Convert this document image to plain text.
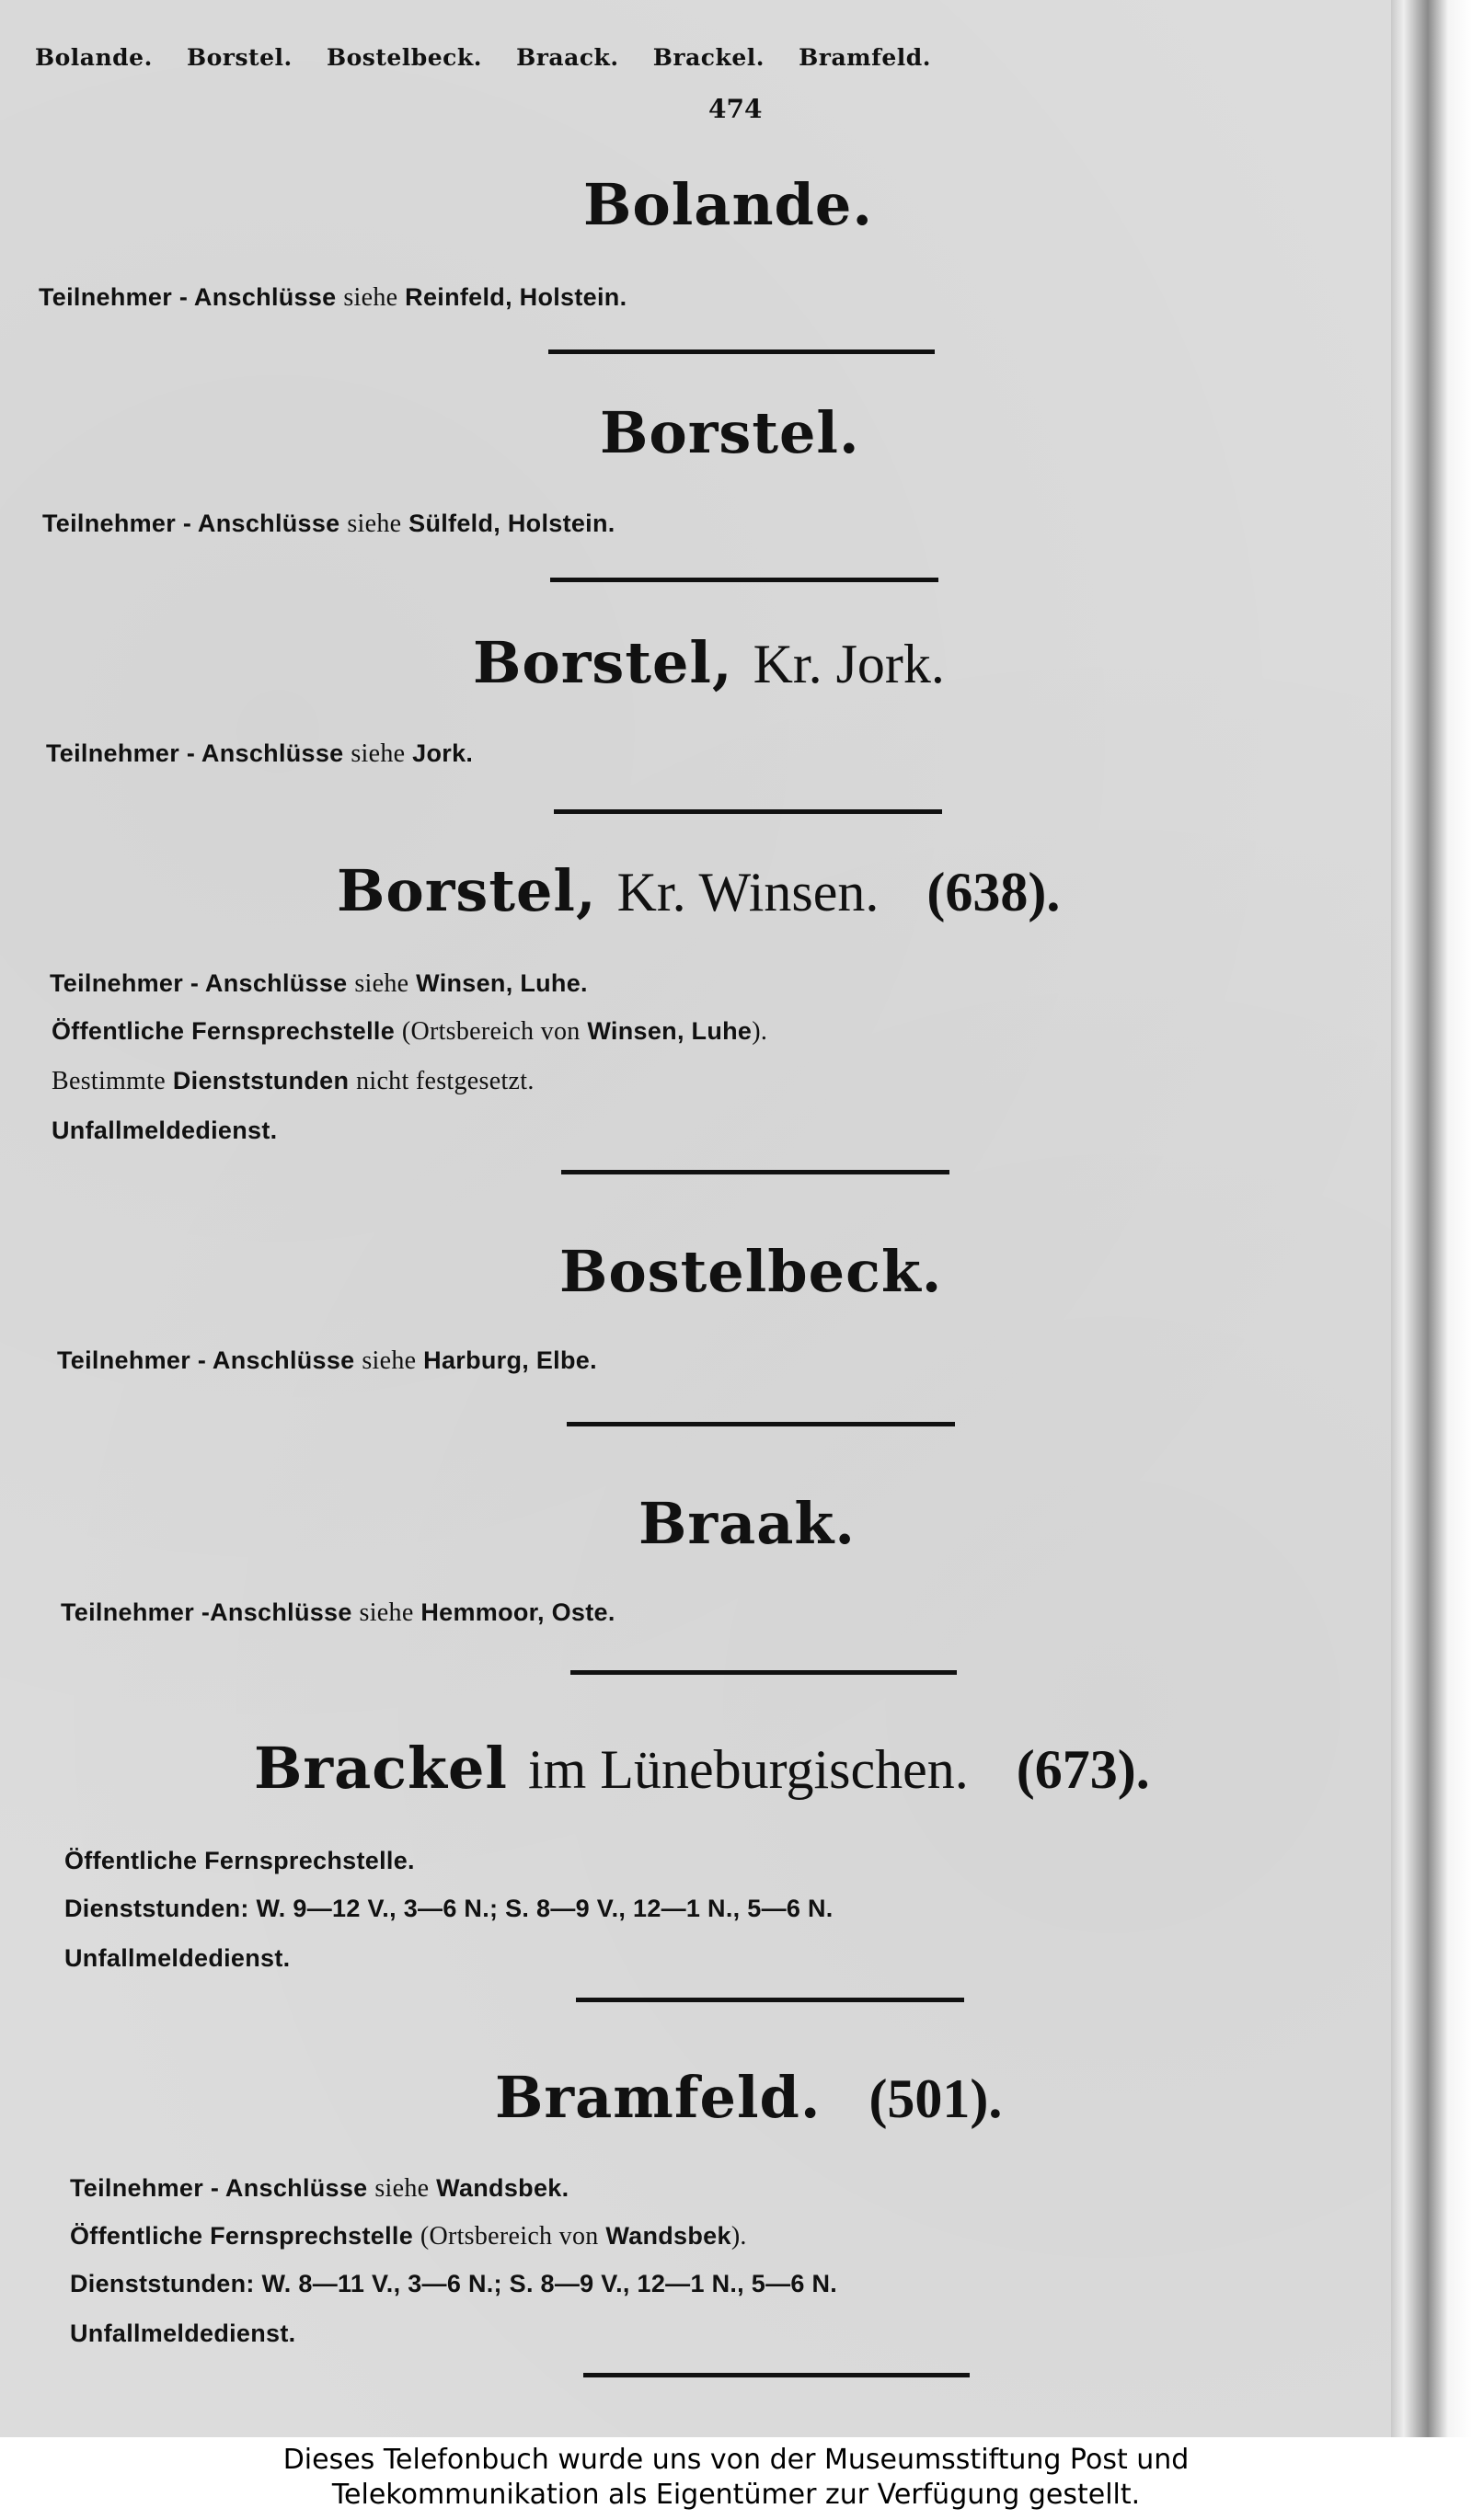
Bolande. Borstel. Bostelbeck. Braack. Brackel. Bramfeld.
474
Bolande.
Teilnehmer - Anschlüsse siehe Reinfeld, Holstein.
Borstel.
Teilnehmer - Anschlüsse siehe Sülfeld, Holstein.
Borstel, Kr. Jork.
Teilnehmer - Anschlüsse siehe Jork.
Borstel, Kr. Winsen. (638).
Teilnehmer - Anschlüsse siehe Winsen, Luhe.
Öffentliche Fernsprechstelle (Ortsbereich von Winsen, Luhe).
Bestimmte Dienststunden nicht festgesetzt.
Unfallmeldedienst.
Bostelbeck.
Teilnehmer - Anschlüsse siehe Harburg, Elbe.
Braak.
Teilnehmer -Anschlüsse siehe Hemmoor, Oste.
Brackel im Lüneburgischen. (673).
Öffentliche Fernsprechstelle.
Dienststunden: W. 9—12 V., 3—6 N.; S. 8—9 V., 12—1 N., 5—6 N.
Unfallmeldedienst.
Bramfeld. (501).
Teilnehmer - Anschlüsse siehe Wandsbek.
Öffentliche Fernsprechstelle (Ortsbereich von Wandsbek).
Dienststunden: W. 8—11 V., 3—6 N.; S. 8—9 V., 12—1 N., 5—6 N.
Unfallmeldedienst.
Dieses Telefonbuch wurde uns von der Museumsstiftung Post und
Telekommunikation als Eigentümer zur Verfügung gestellt.
